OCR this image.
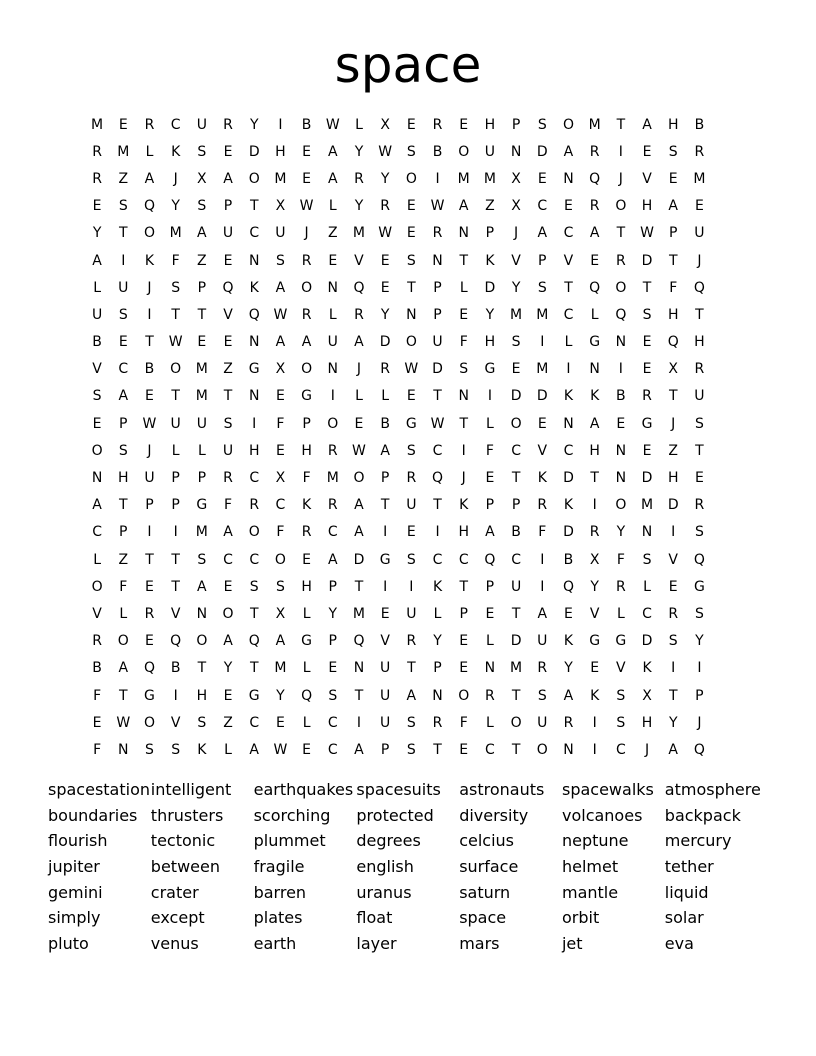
space
M	E	R	C	U	R	Y	I	B	W	L	X	E	R	E	H	P	S	O	M	T	A	H	B
R	M	L	K	S	E	D	H	E	A	Y	W	S	B	O	U	N	D	A	R	I	E	S	R
R	Z	A	J	X	A	O	M	E	A	R	Y	O	I	M	M	X	E	N	Q	J	V	E	M
E	S	Q	Y	S	P	T	X	W	L	Y	R	E	W	A	Z	X	C	E	R	O	H	A	E
Y	T	O	M	A	U	C	U	J	Z	M W	E	R	N	P	J	A	C	A	T	W	P	U
A	I	K	F	Z	E	N	S	R	E	V	E	S	N	T	K	V	P	V	E	R	D	T	J
L	U	J	S	P	Q	K	A	O	N	Q	E	T	P	L	D	Y	S	T	Q	O	T	F	Q
U	S	I	T	T	V	Q W	R	L	R	Y	N	P	E	Y	M	M	C	L	Q	S	H	T
B	E	T	W	E	E	N	A	A	U	A	D	O	U	F	H	S	I	L	G	N	E	Q	H
V	C	B	O	M	Z	G	X	O	N	J	R	W D	S	G	E	M	I	N	I	E	X	R
S	A	E	T	M	T	N	E	G	I	L	L	E	T	N	I	D	D	K	K	B	R	T	U
E	P	W	U	U	S	I	F	P	O	E	B	G W	T	L	O	E	N	A	E	G	J	S
O	S	J	L	L	U	H	E	H	R	W	A	S	C	I	F	C	V	C	H	N	E	Z	T
N	H	U	P	P	R	C	X	F	M	O	P	R	Q	J	E	T	K	D	T	N	D	H	E
A	T	P	P	G	F	R	C	K	R	A	T	U	T	K	P	P	R	K	I	O	M	D	R
C	P	I	I	M	A	O	F	R	C	A	I	E	I	H	A	B	F	D	R	Y	N	I	S
L	Z	T	T	S	C	C	O	E	A	D	G	S	C	C	Q	C	I	B	X	F	S	V	Q
O	F	E	T	A	E	S	S	H	P	T	I	I	K	T	P	U	I	Q	Y	R	L	E	G
V	L	R	V	N	O	T	X	L	Y	M	E	U	L	P	E	T	A	E	V	L	C	R	S
R	O	E	Q	O	A	Q	A	G	P	Q	V	R	Y	E	L	D	U	K	G	G	D	S	Y
B	A	Q	B	T	Y	T	M	L	E	N	U	T	P	E	N	M	R	Y	E	V	K	I	I
F	T	G	I	H	E	G	Y	Q	S	T	U	A	N	O	R	T	S	A	K	S	X	T	P
E	W O	V	S	Z	C	E	L	C	I	U	S	R	F	L	O	U	R	I	S	H	Y	J
F	N	S	S	K	L	A	W	E	C	A	P	S	T	E	C	T	O	N	I	C	J	A	Q
spacestation intelligent	earthquakes spacesuits	astronauts	spacewalks atmosphere
boundaries thrusters	scorching	protected	diversity	volcanoes	backpack
flourish	tectonic	plummet	degrees	celcius	neptune	mercury
jupiter	between	fragile	english	surface	helmet	tether
gemini	crater	barren	uranus	saturn	mantle	liquid
simply	except	plates	float	space	orbit	solar
pluto	venus	earth	layer	mars	jet	eva
